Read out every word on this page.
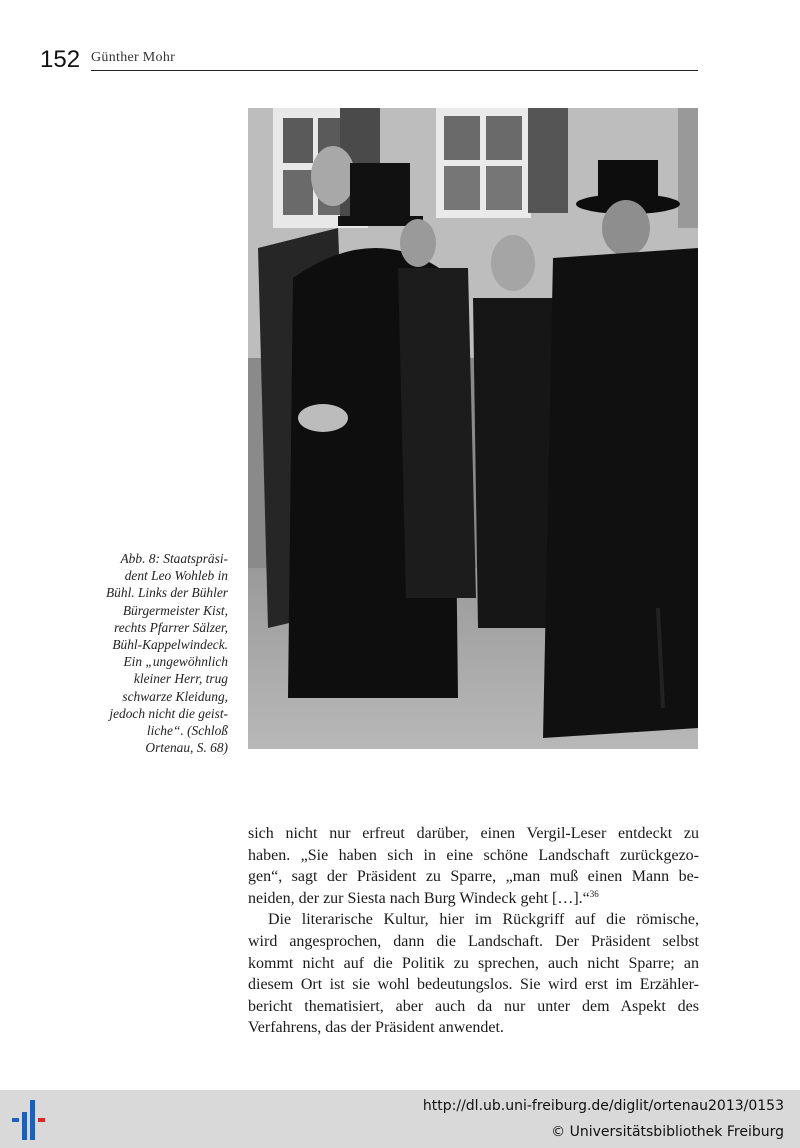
152 Günther Mohr
Abb. 8: Staatspräsi-
dent Leo Wohleb in
Bühl. Links der Bühler
Bürgermeister Kist,
rechts Pfarrer Sälzer,
Bühl-Kappelwindeck.
Ein „ungewöhnlich
kleiner Herr, trug
schwarze Kleidung,
jedoch nicht die geist-
liche“. (Schloß
Ortenau, S. 68)
sich nicht nur erfreut darüber, einen Vergil-Leser entdeckt zu
haben. „Sie haben sich in eine schöne Landschaft zurückgezo-
gen“, sagt der Präsident zu Sparre, „man muß einen Mann be-
neiden, der zur Siesta nach Burg Windeck geht […].“$^{36}$
Die literarische Kultur, hier im Rückgriff auf die römische,
wird angesprochen, dann die Landschaft. Der Präsident selbst
kommt nicht auf die Politik zu sprechen, auch nicht Sparre; an
diesem Ort ist sie wohl bedeutungslos. Sie wird erst im Erzähler-
bericht thematisiert, aber auch da nur unter dem Aspekt des
Verfahrens, das der Präsident anwendet.
http://dl.ub.uni-freiburg.de/diglit/ortenau2013/0153
© Universitätsbibliothek Freiburg
